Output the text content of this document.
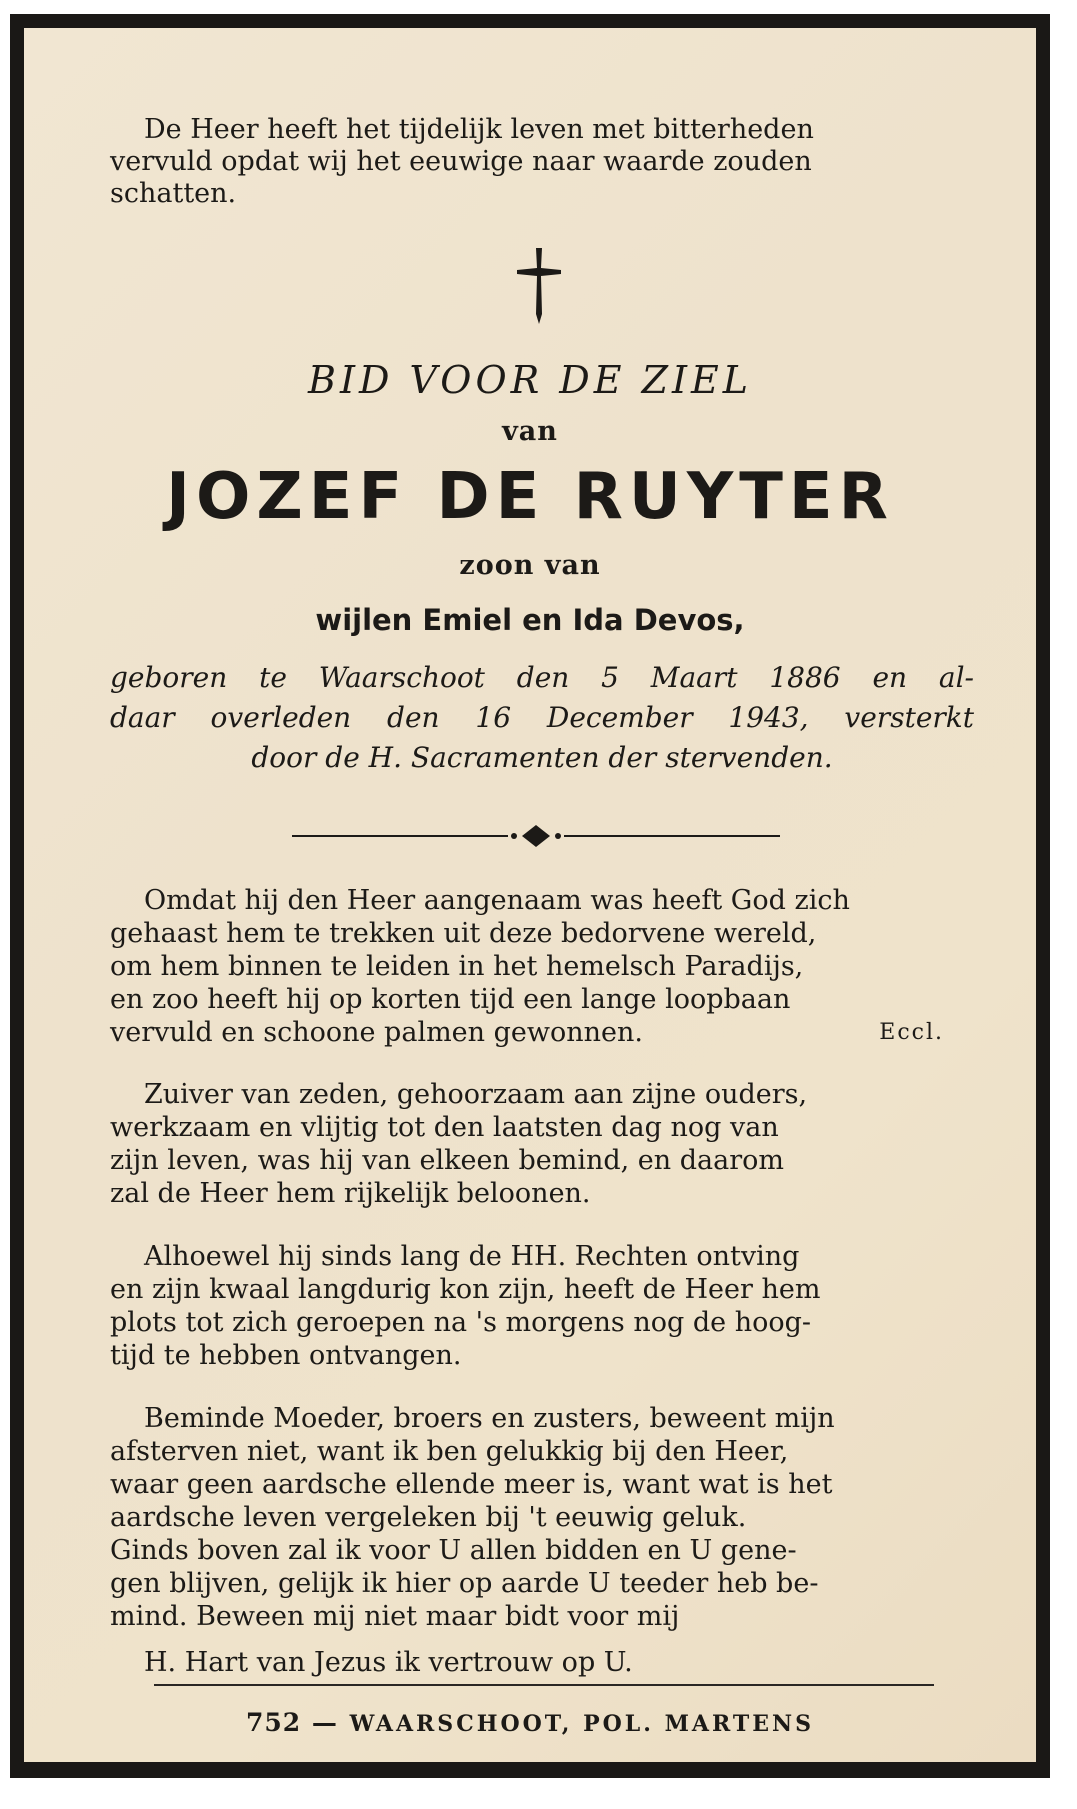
De Heer heeft het tijdelijk leven met bitterheden
vervuld opdat wij het eeuwige naar waarde zouden
schatten.
BID VOOR DE ZIEL
van
JOZEF DE RUYTER
zoon van
wijlen Emiel en Ida Devos,
geboren te Waarschoot den 5 Maart 1886 en al-
daar overleden den 16 December 1943, versterkt
door de H. Sacramenten der stervenden.
Omdat hij den Heer aangenaam was heeft God zich
gehaast hem te trekken uit deze bedorvene wereld,
om hem binnen te leiden in het hemelsch Paradijs,
en zoo heeft hij op korten tijd een lange loopbaan
vervuld en schoone palmen gewonnen.	Eccl.
Zuiver van zeden, gehoorzaam aan zijne ouders,
werkzaam en vlijtig tot den laatsten dag nog van
zijn leven, was hij van elkeen bemind, en daarom
zal de Heer hem rijkelijk beloonen.
Alhoewel hij sinds lang de HH. Rechten ontving
en zijn kwaal langdurig kon zijn, heeft de Heer hem
plots tot zich geroepen na 's morgens nog de hoog-
tijd te hebben ontvangen.
Beminde Moeder, broers en zusters, beweent mijn
afsterven niet, want ik ben gelukkig bij den Heer,
waar geen aardsche ellende meer is, want wat is het
aardsche leven vergeleken bij 't eeuwig geluk.
Ginds boven zal ik voor U allen bidden en U gene-
gen blijven, gelijk ik hier op aarde U teeder heb be-
mind. Beween mij niet maar bidt voor mij
H. Hart van Jezus ik vertrouw op U.
752 — WAARSCHOOT, POL. MARTENS
